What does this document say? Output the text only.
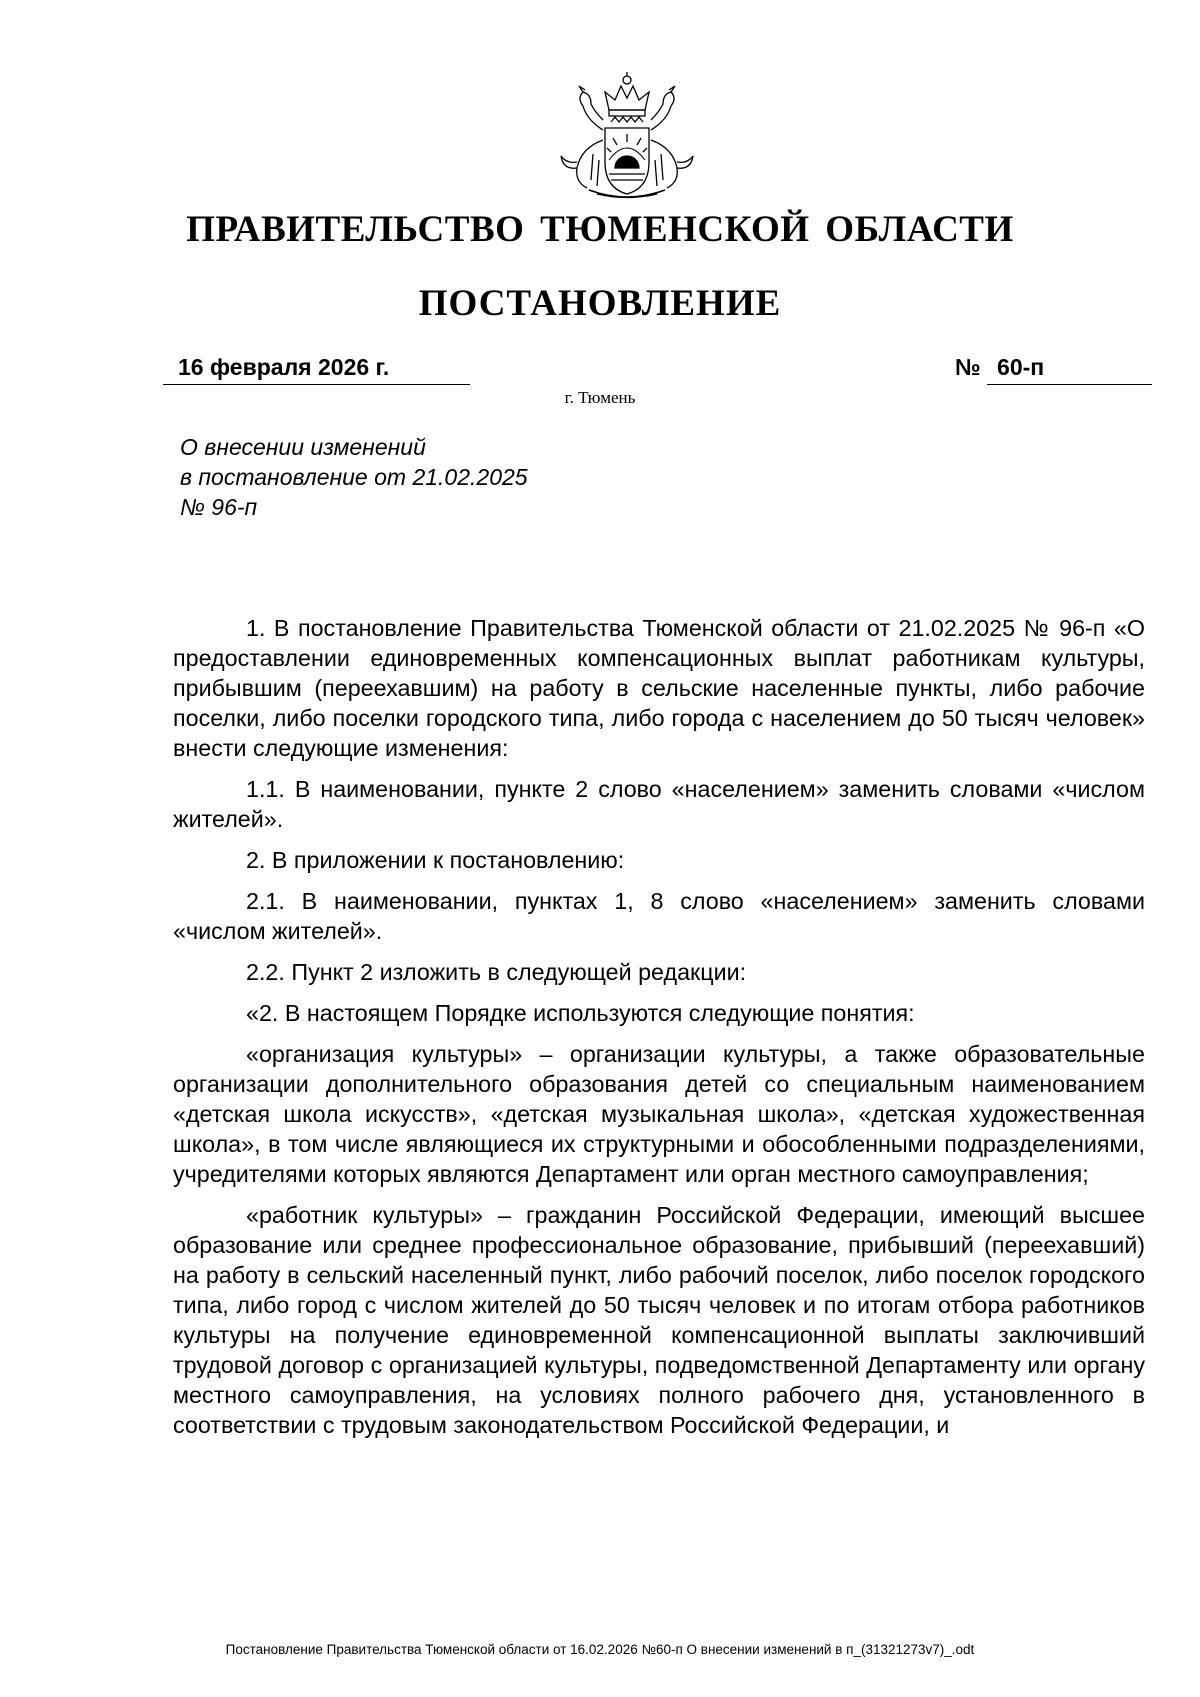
ПРАВИТЕЛЬСТВО ТЮМЕНСКОЙ ОБЛАСТИ
ПОСТАНОВЛЕНИЕ
16 февраля 2026 г.	№ 60-п
г. Тюмень
О внесении изменений
в постановление от 21.02.2025
№ 96-п

1. В постановление Правительства Тюменской области от 21.02.2025 № 96-п «О предоставлении единовременных компенсационных выплат работникам культуры, прибывшим (переехавшим) на работу в сельские населенные пункты, либо рабочие поселки, либо поселки городского типа, либо города с населением до 50 тысяч человек» внести следующие изменения:

1.1. В наименовании, пункте 2 слово «населением» заменить словами «числом жителей».

2. В приложении к постановлению:

2.1. В наименовании, пунктах 1, 8 слово «населением» заменить словами «числом жителей».

2.2. Пункт 2 изложить в следующей редакции:

«2. В настоящем Порядке используются следующие понятия:

«организация культуры» – организации культуры, а также образовательные организации дополнительного образования детей со специальным наименованием «детская школа искусств», «детская музыкальная школа», «детская художественная школа», в том числе являющиеся их структурными и обособленными подразделениями, учредителями которых являются Департамент или орган местного самоуправления;

«работник культуры» – гражданин Российской Федерации, имеющий высшее образование или среднее профессиональное образование, прибывший (переехавший) на работу в сельский населенный пункт, либо рабочий поселок, либо поселок городского типа, либо город с числом жителей до 50 тысяч человек и по итогам отбора работников культуры на получение единовременной компенсационной выплаты заключивший трудовой договор с организацией культуры, подведомственной Департаменту или органу местного самоуправления, на условиях полного рабочего дня, установленного в соответствии с трудовым законодательством Российской Федерации, и

Постановление Правительства Тюменской области от 16.02.2026 №60-п О внесении изменений в п_(31321273v7)_.odt
